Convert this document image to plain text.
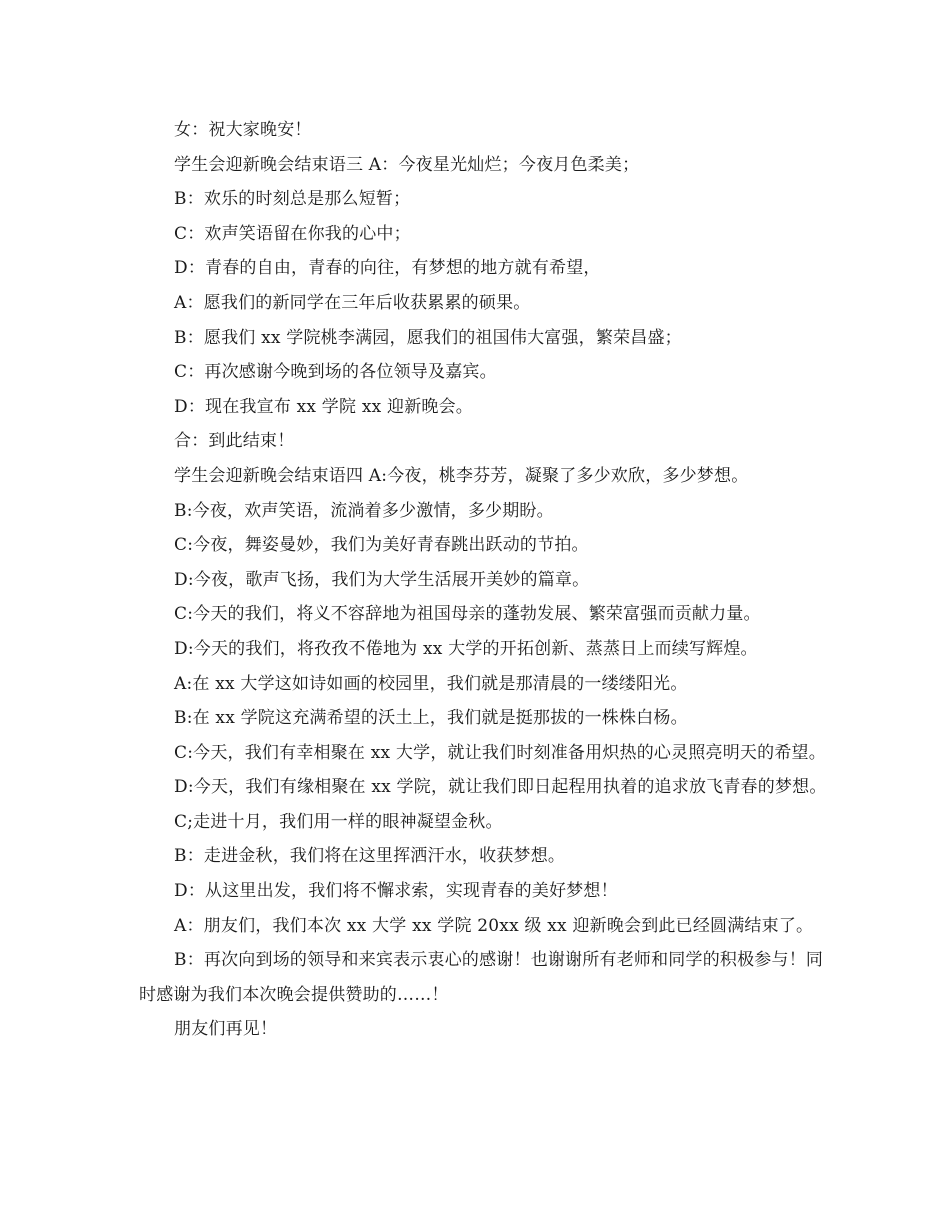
女：祝大家晚安！

学生会迎新晚会结束语三 A：今夜星光灿烂；今夜月色柔美；

B：欢乐的时刻总是那么短暂；

C：欢声笑语留在你我的心中；

D：青春的自由，青春的向往，有梦想的地方就有希望，

A：愿我们的新同学在三年后收获累累的硕果。

B：愿我们 xx 学院桃李满园，愿我们的祖国伟大富强，繁荣昌盛；

C：再次感谢今晚到场的各位领导及嘉宾。

D：现在我宣布 xx 学院 xx 迎新晚会。

合：到此结束！

学生会迎新晚会结束语四 A:今夜，桃李芬芳，凝聚了多少欢欣，多少梦想。

B:今夜，欢声笑语，流淌着多少激情，多少期盼。

C:今夜，舞姿曼妙，我们为美好青春跳出跃动的节拍。

D:今夜，歌声飞扬，我们为大学生活展开美妙的篇章。

C:今天的我们，将义不容辞地为祖国母亲的蓬勃发展、繁荣富强而贡献力量。

D:今天的我们，将孜孜不倦地为 xx 大学的开拓创新、蒸蒸日上而续写辉煌。

A:在 xx 大学这如诗如画的校园里，我们就是那清晨的一缕缕阳光。

B:在 xx 学院这充满希望的沃土上，我们就是挺那拔的一株株白杨。

C:今天，我们有幸相聚在 xx 大学，就让我们时刻准备用炽热的心灵照亮明天的希望。

D:今天，我们有缘相聚在 xx 学院，就让我们即日起程用执着的追求放飞青春的梦想。

C;走进十月，我们用一样的眼神凝望金秋。

B：走进金秋，我们将在这里挥洒汗水，收获梦想。

D：从这里出发，我们将不懈求索，实现青春的美好梦想！

A：朋友们，我们本次 xx 大学 xx 学院 20xx 级 xx 迎新晚会到此已经圆满结束了。

B：再次向到场的领导和来宾表示衷心的感谢！也谢谢所有老师和同学的积极参与！同时感谢为我们本次晚会提供赞助的……！

朋友们再见！
